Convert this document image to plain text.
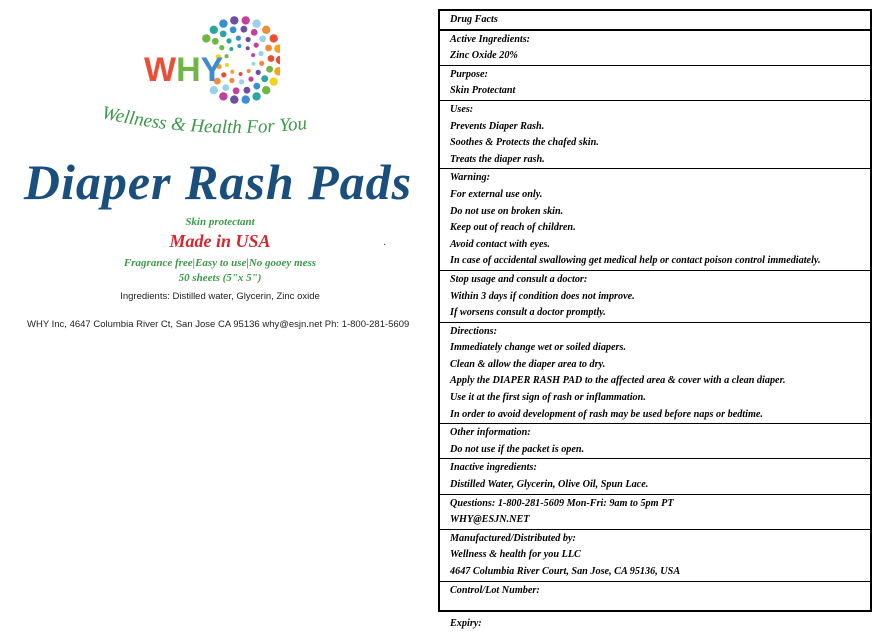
WHY
Wellness & Health For You
Diaper Rash Pads
Skin protectant
Made in USA	·
Fragrance free|Easy to use|No gooey mess
50 sheets (5"x 5")
Ingredients: Distilled water, Glycerin, Zinc oxide
WHY Inc, 4647 Columbia River Ct, San Jose CA 95136 why@esjn.net Ph: 1-800-281-5609
Drug Facts
Active Ingredients:
Zinc Oxide 20%
Purpose:
Skin Protectant
Uses:
Prevents Diaper Rash.
Soothes & Protects the chafed skin.
Treats the diaper rash.
Warning:
For external use only.
Do not use on broken skin.
Keep out of reach of children.
Avoid contact with eyes.
In case of accidental swallowing get medical help or contact poison control immediately.
Stop usage and consult a doctor:
Within 3 days if condition does not improve.
If worsens consult a doctor promptly.
Directions:
Immediately change wet or soiled diapers.
Clean & allow the diaper area to dry.
Apply the DIAPER RASH PAD to the affected area & cover with a clean diaper.
Use it at the first sign of rash or inflammation.
In order to avoid development of rash may be used before naps or bedtime.
Other information:
Do not use if the packet is open.
Inactive ingredients:
Distilled Water, Glycerin, Olive Oil, Spun Lace.
Questions: 1-800-281-5609 Mon-Fri: 9am to 5pm PT
WHY@ESJN.NET
Manufactured/Distributed by:
Wellness & health for you LLC
4647 Columbia River Court, San Jose, CA 95136, USA
Control/Lot Number:
Expiry:
